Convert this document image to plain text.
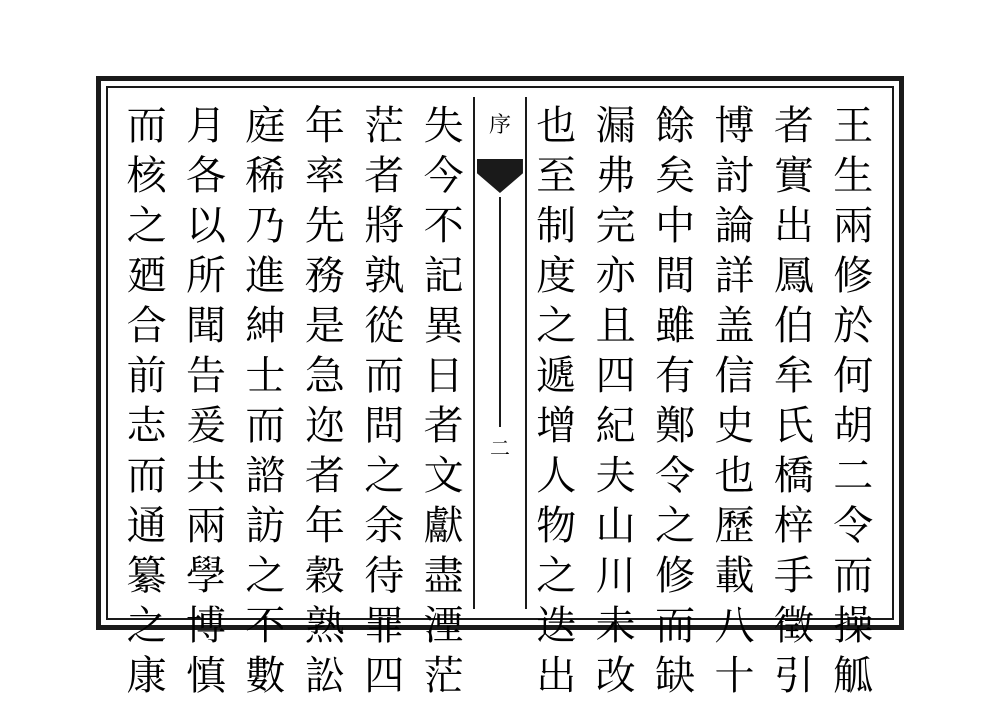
王
生
兩
修
於
何
胡
二
令
而
操
觚
者
實
出
鳳
伯
牟
氏
橋
梓
手
徵
引
博
討
論
詳
盖
信
史
也
歷
載
八
十
餘
矣
中
間
雖
有
鄭
令
之
修
而
缺
漏
弗
完
亦
且
四
紀
夫
山
川
未
改
也
至
制
度
之
遞
增
人
物
之
迭
出
序
二
失
今
不
記
異
日
者
文
獻
盡
湮
茫
茫
者
將
孰
從
而
問
之
余
待
罪
四
年
率
先
務
是
急
迩
者
年
穀
熟
訟
庭
稀
乃
進
紳
士
而
諮
訪
之
不
數
月
各
以
所
聞
告
爰
共
兩
學
博
慎
而
核
之
廼
合
前
志
而
通
纂
之
康
